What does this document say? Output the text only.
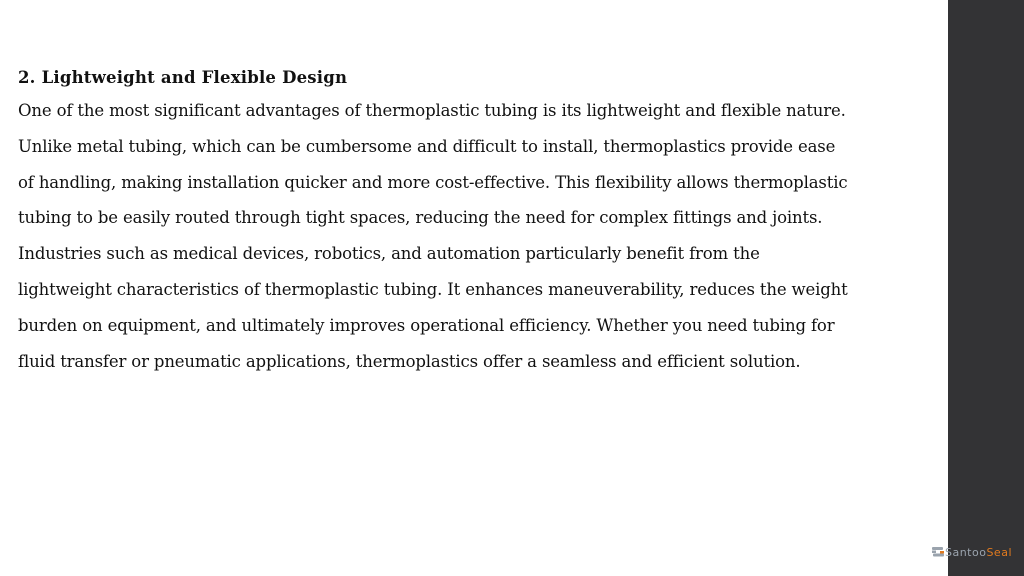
2. Lightweight and Flexible Design

One of the most significant advantages of thermoplastic tubing is its lightweight and flexible nature.

Unlike metal tubing, which can be cumbersome and difficult to install, thermoplastics provide ease

of handling, making installation quicker and more cost-effective. This flexibility allows thermoplastic

tubing to be easily routed through tight spaces, reducing the need for complex fittings and joints.

Industries such as medical devices, robotics, and automation particularly benefit from the

lightweight characteristics of thermoplastic tubing. It enhances maneuverability, reduces the weight

burden on equipment, and ultimately improves operational efficiency. Whether you need tubing for

fluid transfer or pneumatic applications, thermoplastics offer a seamless and efficient solution.

Santoo Seal
